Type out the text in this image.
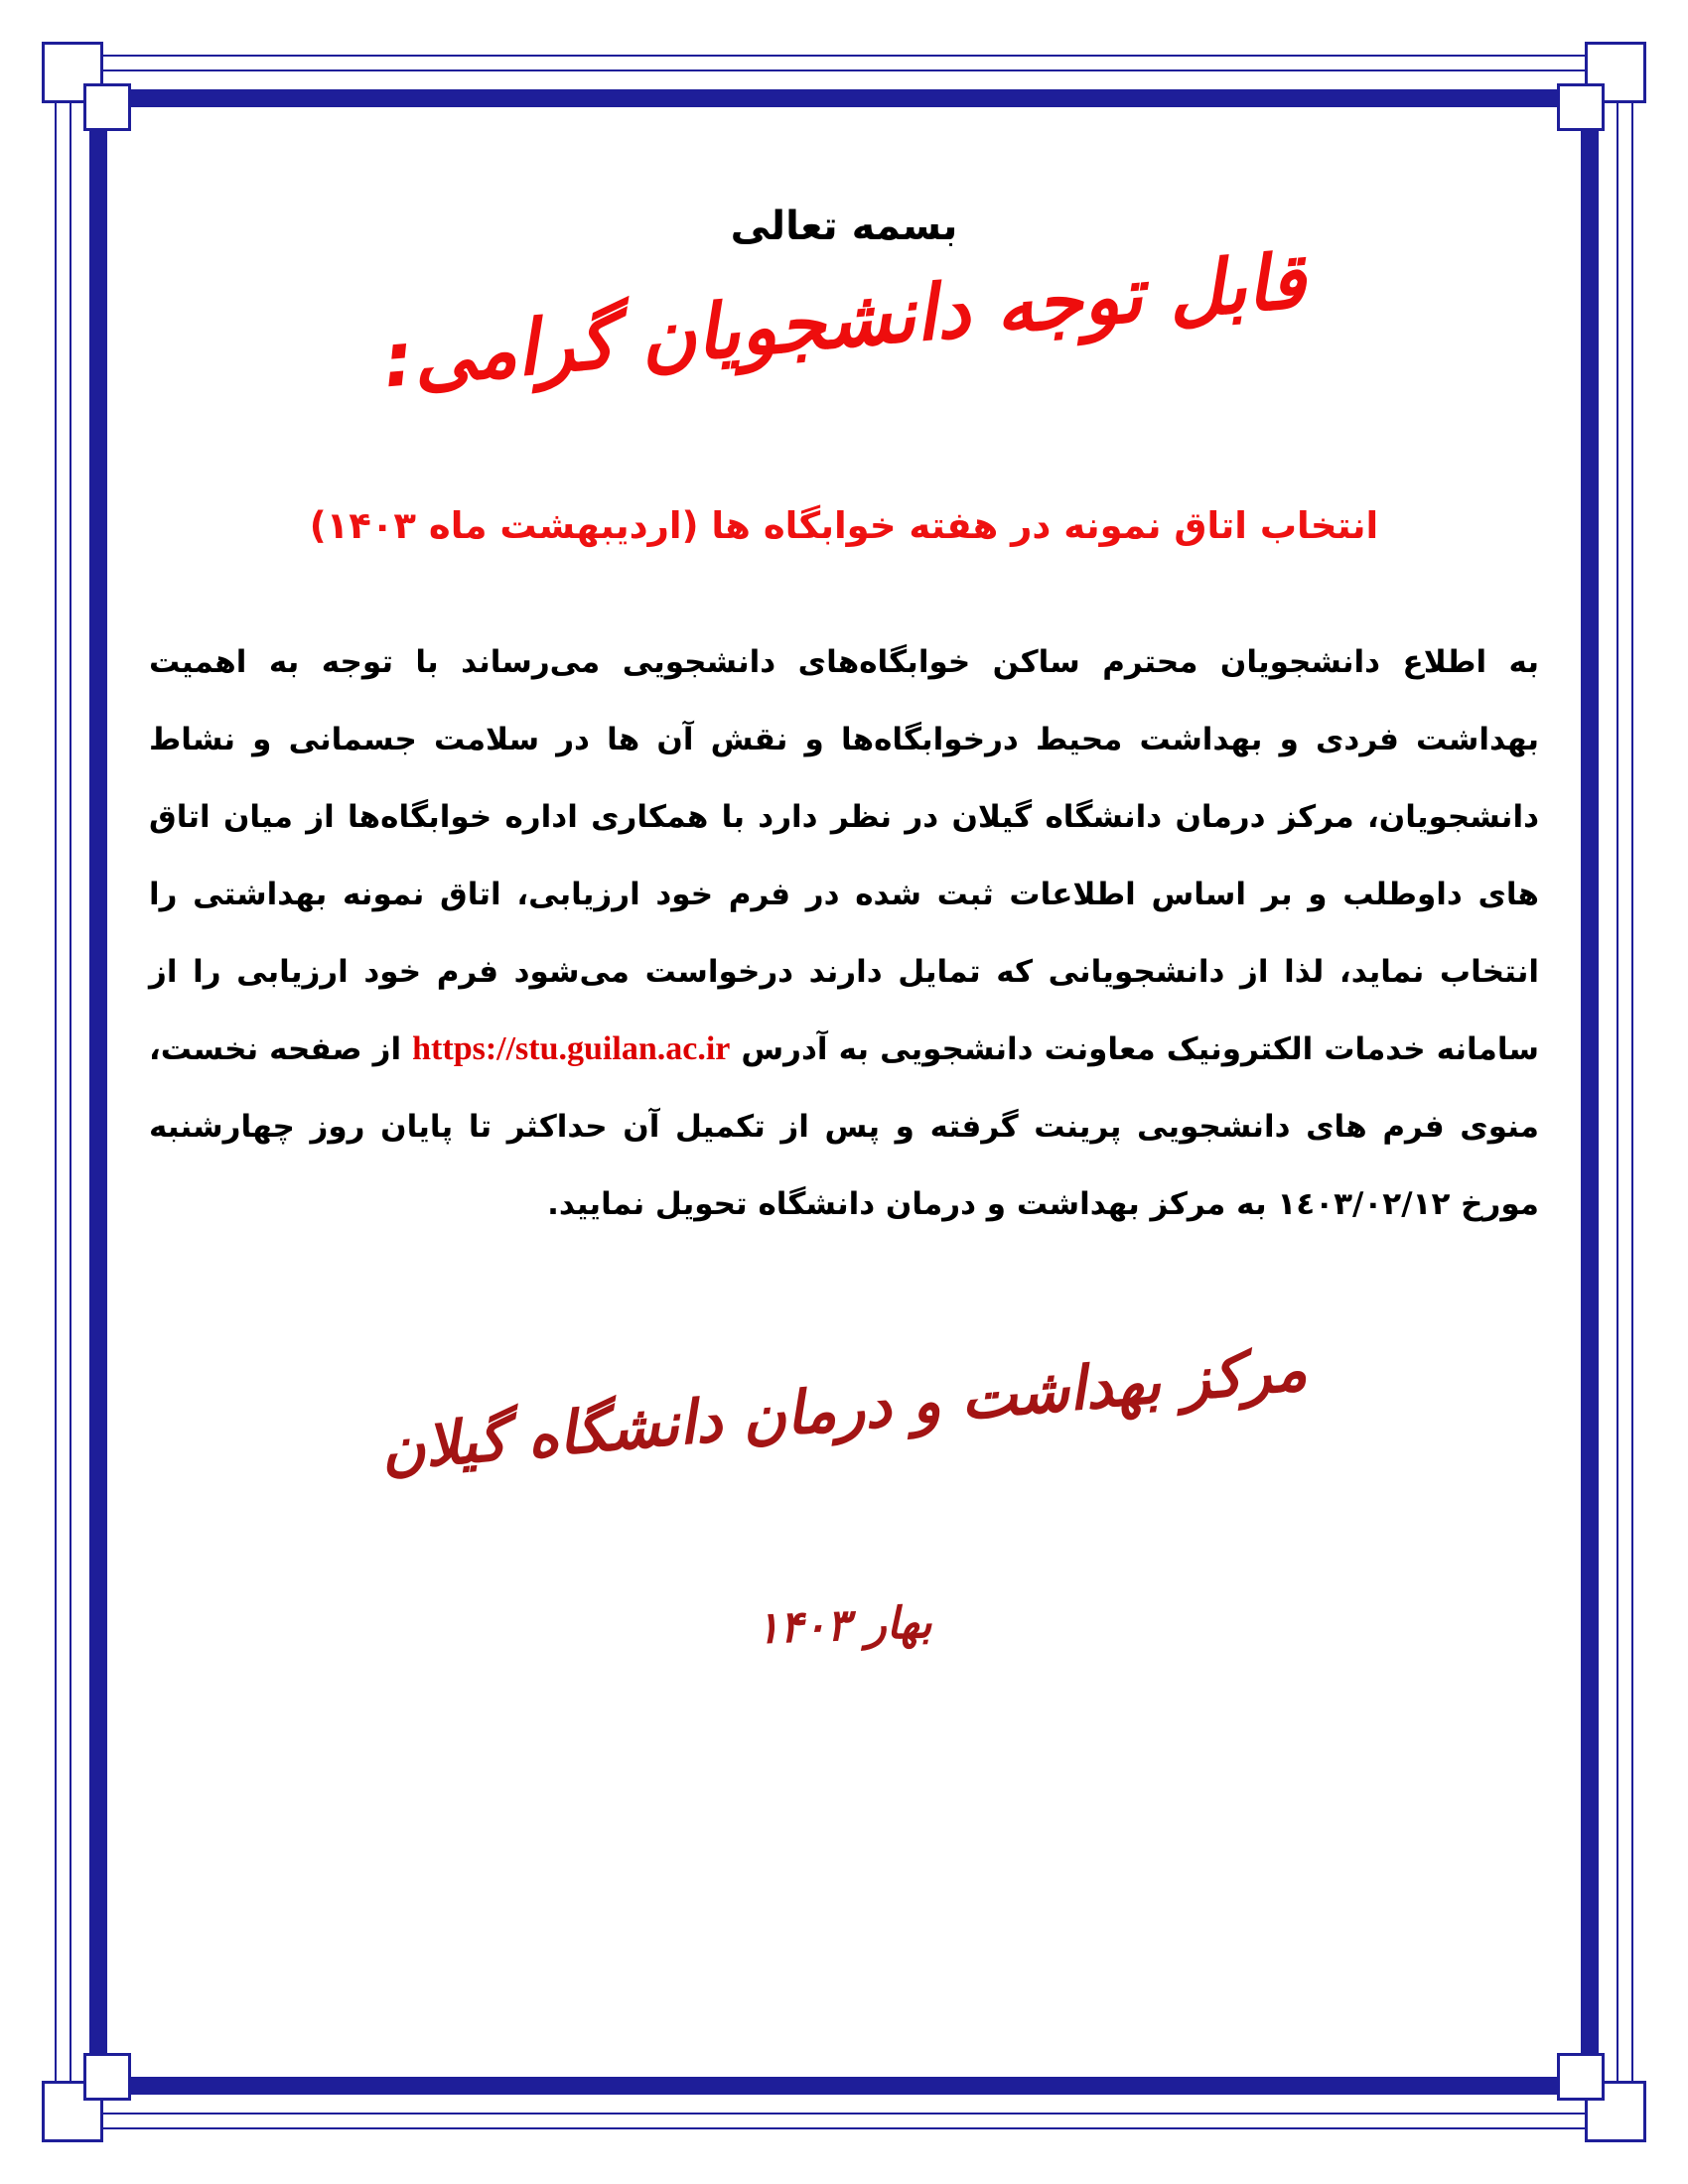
بسمه تعالی
قابل توجه دانشجویان گرامی:
انتخاب اتاق نمونه در هفته خوابگاه ها (اردیبهشت ماه ۱۴۰۳)

به اطلاع دانشجویان محترم ساکن خوابگاه‌های دانشجویی می‌رساند با توجه به اهمیت بهداشت فردی و بهداشت محیط درخوابگاه‌ها و نقش آن ها در سلامت جسمانی و نشاط دانشجویان، مرکز درمان دانشگاه گیلان در نظر دارد با همکاری اداره خوابگاه‌ها از میان اتاق های داوطلب و بر اساس اطلاعات ثبت شده در فرم خود ارزیابی، اتاق نمونه بهداشتی را انتخاب نماید، لذا از دانشجویانی که تمایل دارند درخواست می‌شود فرم خود ارزیابی را از سامانه خدمات الکترونیک معاونت دانشجویی به آدرس https://stu.guilan.ac.ir از صفحه نخست، منوی فرم های دانشجویی پرینت گرفته و پس از تکمیل آن حداکثر تا پایان روز چهارشنبه مورخ ١٤٠٣/٠٢/١٢ به مرکز بهداشت و درمان دانشگاه تحویل نمایید.

مرکز بهداشت و درمان دانشگاه گیلان
بهار ۱۴۰۳
